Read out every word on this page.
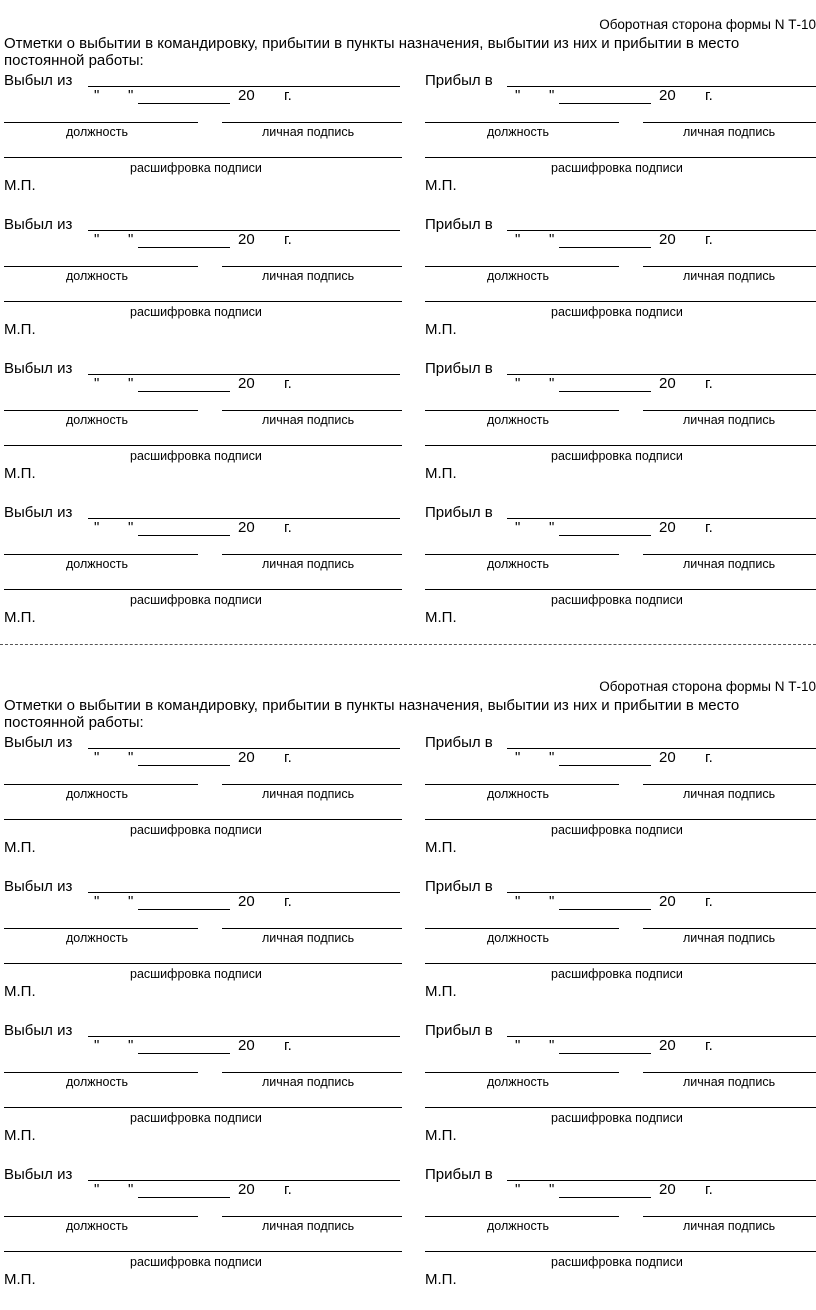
Оборотная сторона формы N Т-10
Отметки о выбытии в командировку, прибытии в пункты назначения, выбытии из них и прибытии в место постоянной работы:
Выбыл из
" "	20 г.
должность	личная подпись
расшифровка подписи
М.П.
Прибыл в
" "	20 г.
должность	личная подпись
расшифровка подписи
М.П.
Выбыл из
" "	20 г.
должность	личная подпись
расшифровка подписи
М.П.
Прибыл в
" "	20 г.
должность	личная подпись
расшифровка подписи
М.П.
Выбыл из
" "	20 г.
должность	личная подпись
расшифровка подписи
М.П.
Прибыл в
" "	20 г.
должность	личная подпись
расшифровка подписи
М.П.
Выбыл из
" "	20 г.
должность	личная подпись
расшифровка подписи
М.П.
Прибыл в
" "	20 г.
должность	личная подпись
расшифровка подписи
М.П.
Оборотная сторона формы N Т-10
Отметки о выбытии в командировку, прибытии в пункты назначения, выбытии из них и прибытии в место постоянной работы:
Выбыл из
" "	20 г.
должность	личная подпись
расшифровка подписи
М.П.
Прибыл в
" "	20 г.
должность	личная подпись
расшифровка подписи
М.П.
Выбыл из
" "	20 г.
должность	личная подпись
расшифровка подписи
М.П.
Прибыл в
" "	20 г.
должность	личная подпись
расшифровка подписи
М.П.
Выбыл из
" "	20 г.
должность	личная подпись
расшифровка подписи
М.П.
Прибыл в
" "	20 г.
должность	личная подпись
расшифровка подписи
М.П.
Выбыл из
" "	20 г.
должность	личная подпись
расшифровка подписи
М.П.
Прибыл в
" "	20 г.
должность	личная подпись
расшифровка подписи
М.П.
